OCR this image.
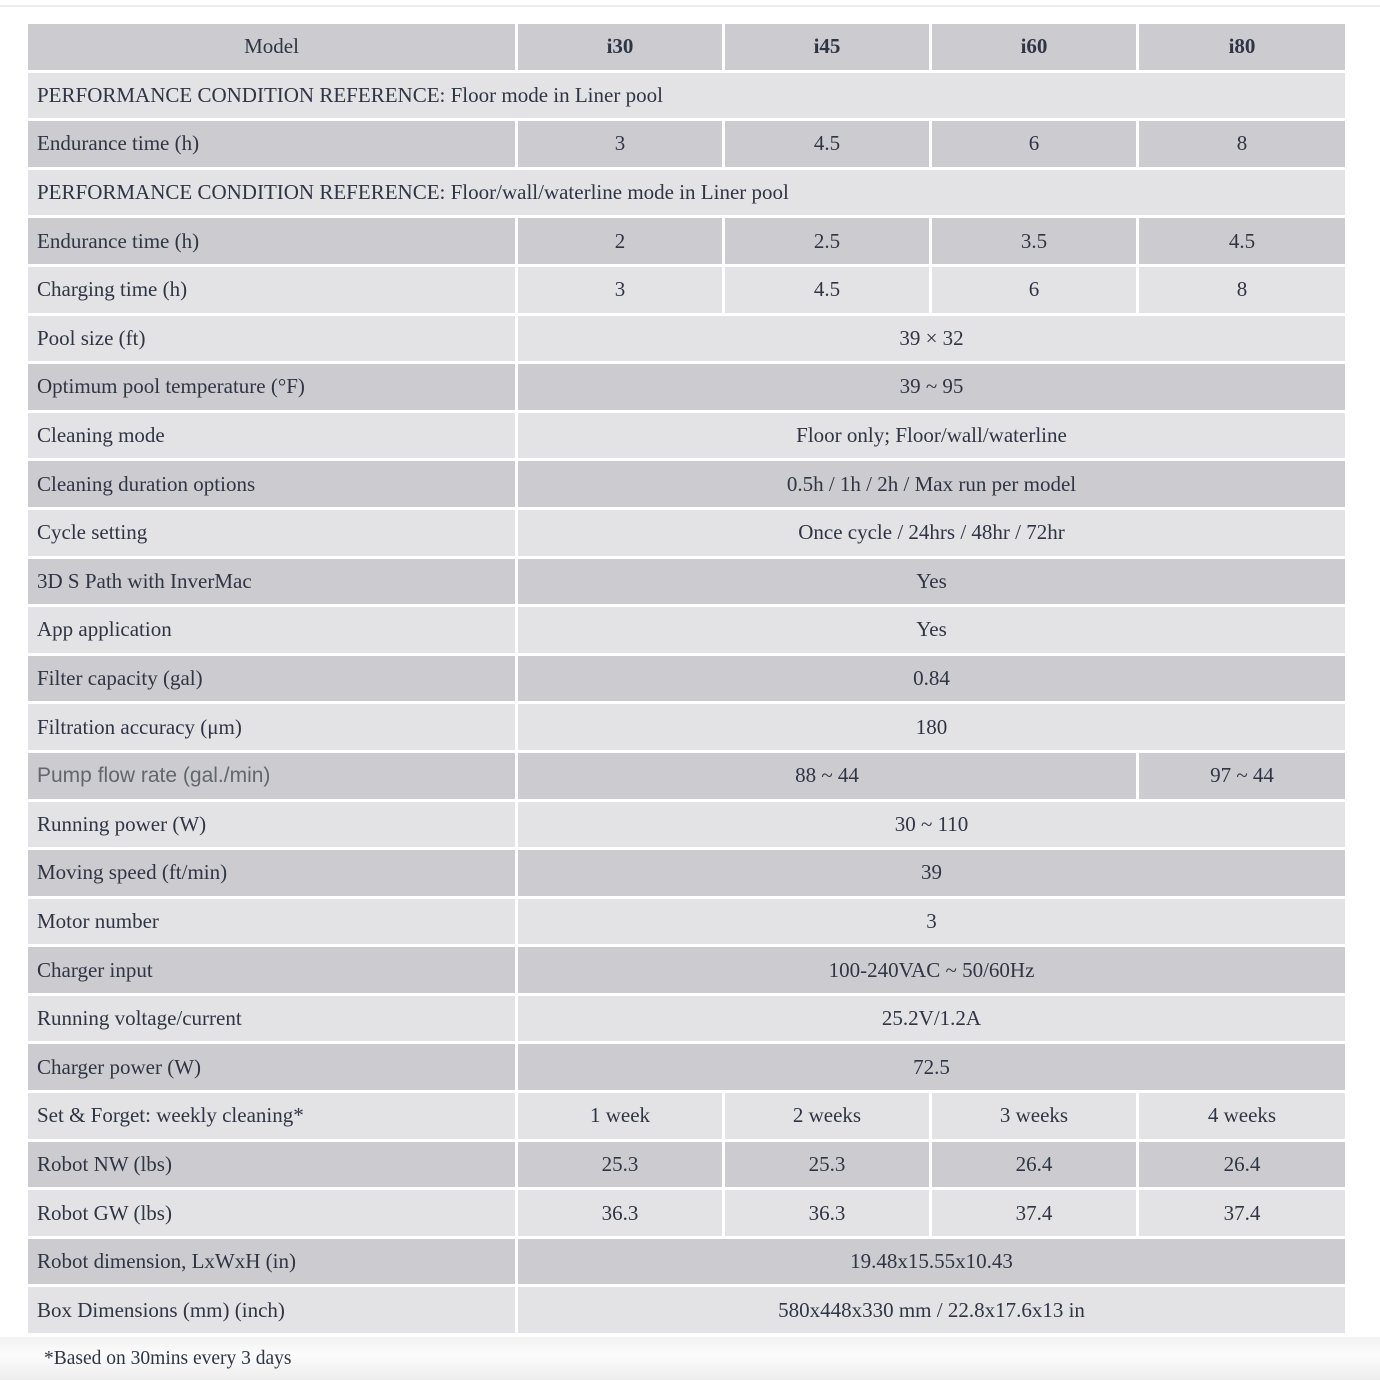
Model	i30	i45	i60	i80
PERFORMANCE CONDITION REFERENCE: Floor mode in Liner pool				
Endurance time (h)	3	4.5	6	8
PERFORMANCE CONDITION REFERENCE: Floor/wall/waterline mode in Liner pool				
Endurance time (h)	2	2.5	3.5	4.5
Charging time (h)	3	4.5	6	8
Pool size (ft)	39 × 32			
Optimum pool temperature (°F)	39 ~ 95			
Cleaning mode	Floor only; Floor/wall/waterline			
Cleaning duration options	0.5h / 1h / 2h / Max run per model			
Cycle setting	Once cycle / 24hrs / 48hr / 72hr			
3D S Path with InverMac	Yes			
App application	Yes			
Filter capacity (gal)	0.84			
Filtration accuracy (μm)	180			
Pump flow rate (gal./min)	88 ~ 44			97 ~ 44
Running power (W)	30 ~ 110			
Moving speed (ft/min)	39			
Motor number	3			
Charger input	100-240VAC ~ 50/60Hz			
Running voltage/current	25.2V/1.2A			
Charger power (W)	72.5			
Set & Forget: weekly cleaning*	1 week	2 weeks	3 weeks	4 weeks
Robot NW (lbs)	25.3	25.3	26.4	26.4
Robot GW (lbs)	36.3	36.3	37.4	37.4
Robot dimension, LxWxH (in)	19.48x15.55x10.43			
Box Dimensions (mm) (inch)	580x448x330 mm / 22.8x17.6x13 in			
*Based on 30mins every 3 days
